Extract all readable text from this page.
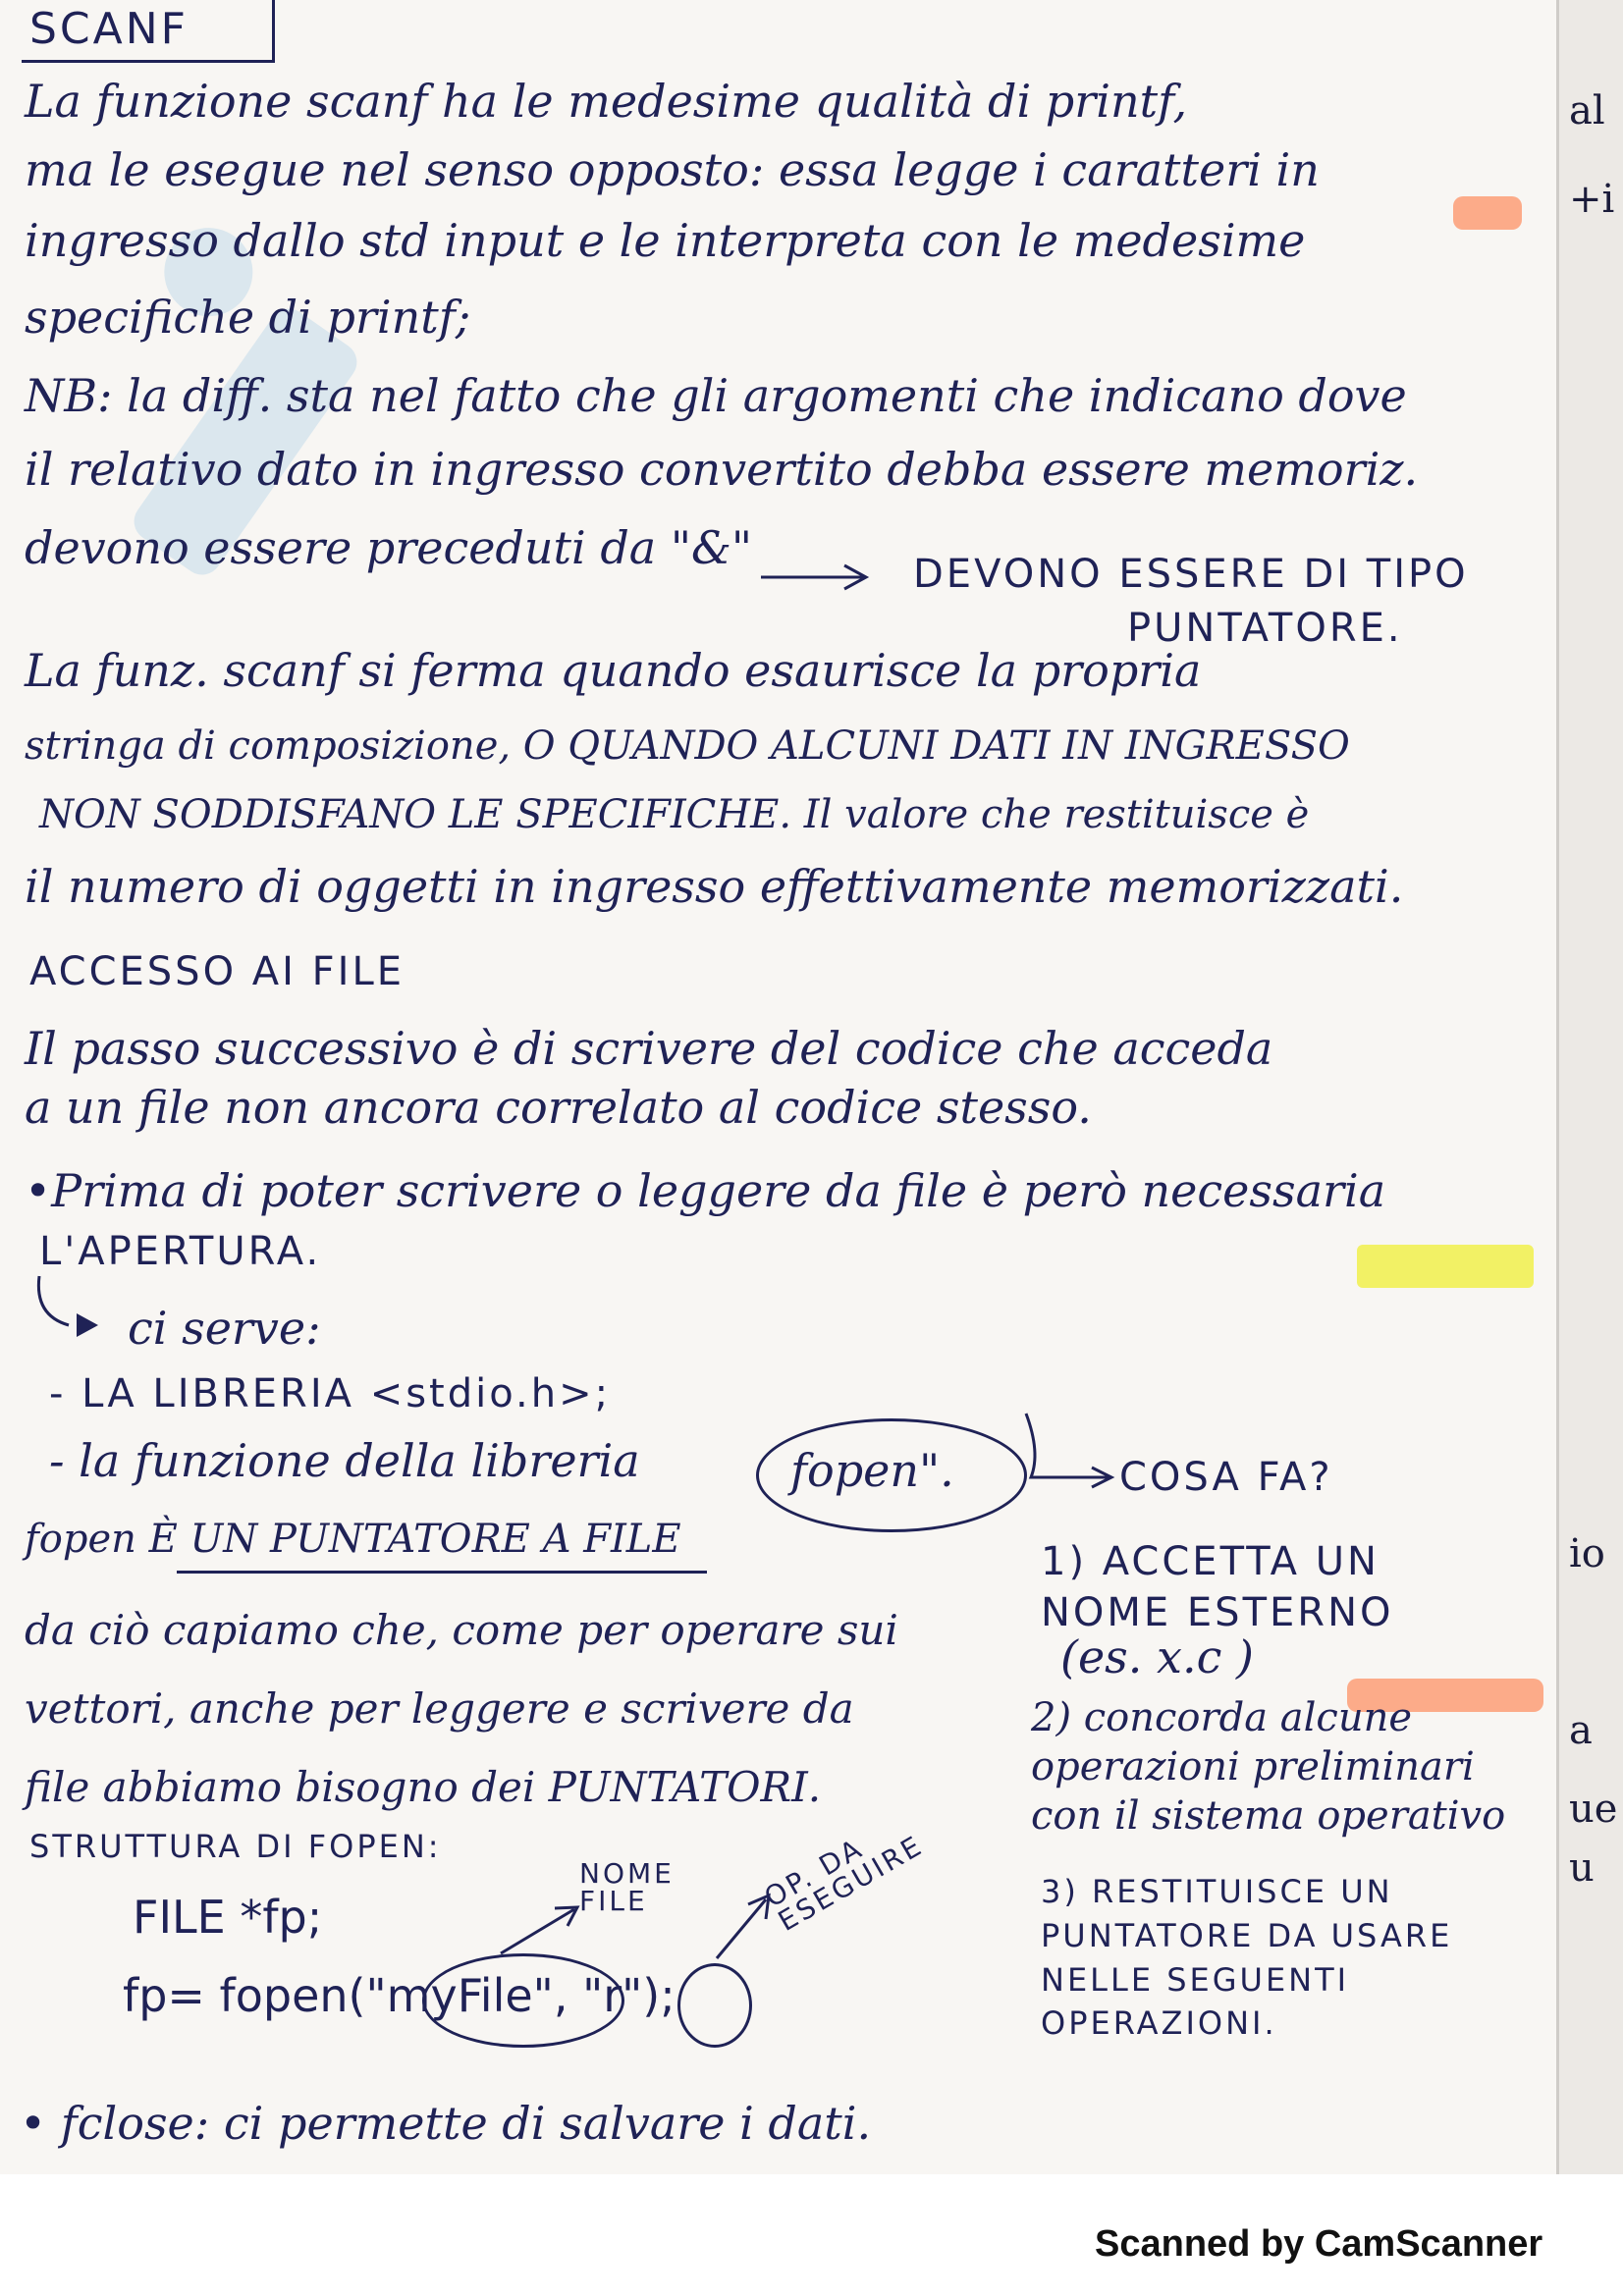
SCANF
La funzione scanf ha le medesime qualità di printf,
ma le esegue nel senso opposto: essa legge i caratteri in
ingresso dallo std input e le interpreta con le medesime
specifiche di printf;
NB: la diff. sta nel fatto che gli argomenti che indicano dove
il relativo dato in ingresso convertito debba essere memoriz.
devono essere preceduti da "&"	DEVONO ESSERE DI TIPO
PUNTATORE.
La funz. scanf si ferma quando esaurisce la propria
stringa di composizione, O QUANDO ALCUNI DATI IN INGRESSO
NON SODDISFANO LE SPECIFICHE. Il valore che restituisce è
il numero di oggetti in ingresso effettivamente memorizzati.
ACCESSO AI FILE
Il passo successivo è di scrivere del codice che acceda
a un file non ancora correlato al codice stesso.
•Prima di poter scrivere o leggere da file è però necessaria
L'APERTURA.
ci serve:
- LA LIBRERIA <stdio.h>;
- la funzione della libreria	fopen".	COSA FA?
fopen È UN PUNTATORE A FILE
da ciò capiamo che, come per operare sui
vettori, anche per leggere e scrivere da
file abbiamo bisogno dei PUNTATORI.
STRUTTURA DI FOPEN:
FILE *fp;
fp= fopen("myFile", "r");
NOME FILE	OP. DA ESEGUIRE
• fclose: ci permette di salvare i dati.
1) ACCETTA UN NOME ESTERNO
(es. x.c )
2) concorda alcune operazioni preliminari con il sistema operativo
3) RESTITUISCE UN PUNTATORE DA USARE NELLE SEGUENTI OPERAZIONI.
al
+i
io
a
ue
u
Scanned by CamScanner
